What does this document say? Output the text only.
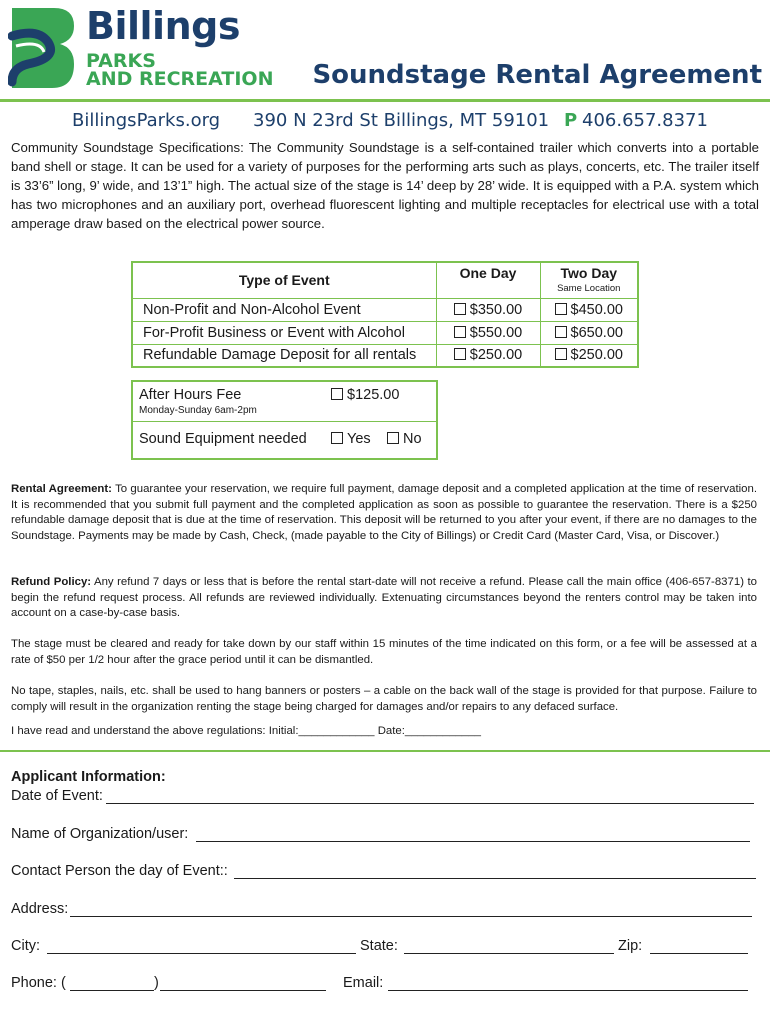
Billings
PARKS
AND RECREATION Soundstage Rental Agreement
BillingsParks.org 390 N 23rd St Billings, MT 59101 P 406.657.8371
Community Soundstage Specifications: The Community Soundstage is a self-contained trailer which converts into a portable band shell or stage. It can be used for a variety of purposes for the performing arts such as plays, concerts, etc. The trailer itself is 33’6” long, 9’ wide, and 13’1” high. The actual size of the stage is 14’ deep by 28’ wide. It is equipped with a P.A. system which has two microphones and an auxiliary port, overhead fluorescent lighting and multiple receptacles for electrical use with a total amperage draw based on the electrical power source.
Type of Event	One Day	Two Day
Same Location

Non-Profit and Non-Alcohol Event	$350.00	$450.00
For-Profit Business or Event with Alcohol	$550.00	$650.00
Refundable Damage Deposit for all rentals	$250.00	$250.00
After Hours Fee	$125.00
Monday-Sunday 6am-2pm
Sound Equipment needed	Yes	No
Rental Agreement: To guarantee your reservation, we require full payment, damage deposit and a completed application at the time of reservation. It is recommended that you submit full payment and the completed application as soon as possible to guarantee the reservation. There is a $250 refundable damage deposit that is due at the time of reservation. This deposit will be returned to you after your event, if there are no damages to the Soundstage. Payments may be made by Cash, Check, (made payable to the City of Billings) or Credit Card (Master Card, Visa, or Discover.)
Refund Policy: Any refund 7 days or less that is before the rental start-date will not receive a refund. Please call the main office (406-657-8371) to begin the refund request process. All refunds are reviewed individually. Extenuating circumstances beyond the renters control may be taken into account on a case-by-case basis.
The stage must be cleared and ready for take down by our staff within 15 minutes of the time indicated on this form, or a fee will be assessed at a rate of $50 per 1/2 hour after the grace period until it can be dismantled.
No tape, staples, nails, etc. shall be used to hang banners or posters – a cable on the back wall of the stage is provided for that purpose. Failure to comply will result in the organization renting the stage being charged for damages and/or repairs to any defaced surface.
I have read and understand the above regulations: Initial:____________ Date:____________
Applicant Information:
Date of Event:
Name of Organization/user:
Contact Person the day of Event::
Address:
City:	State:	Zip:
Phone: (	)	Email:
